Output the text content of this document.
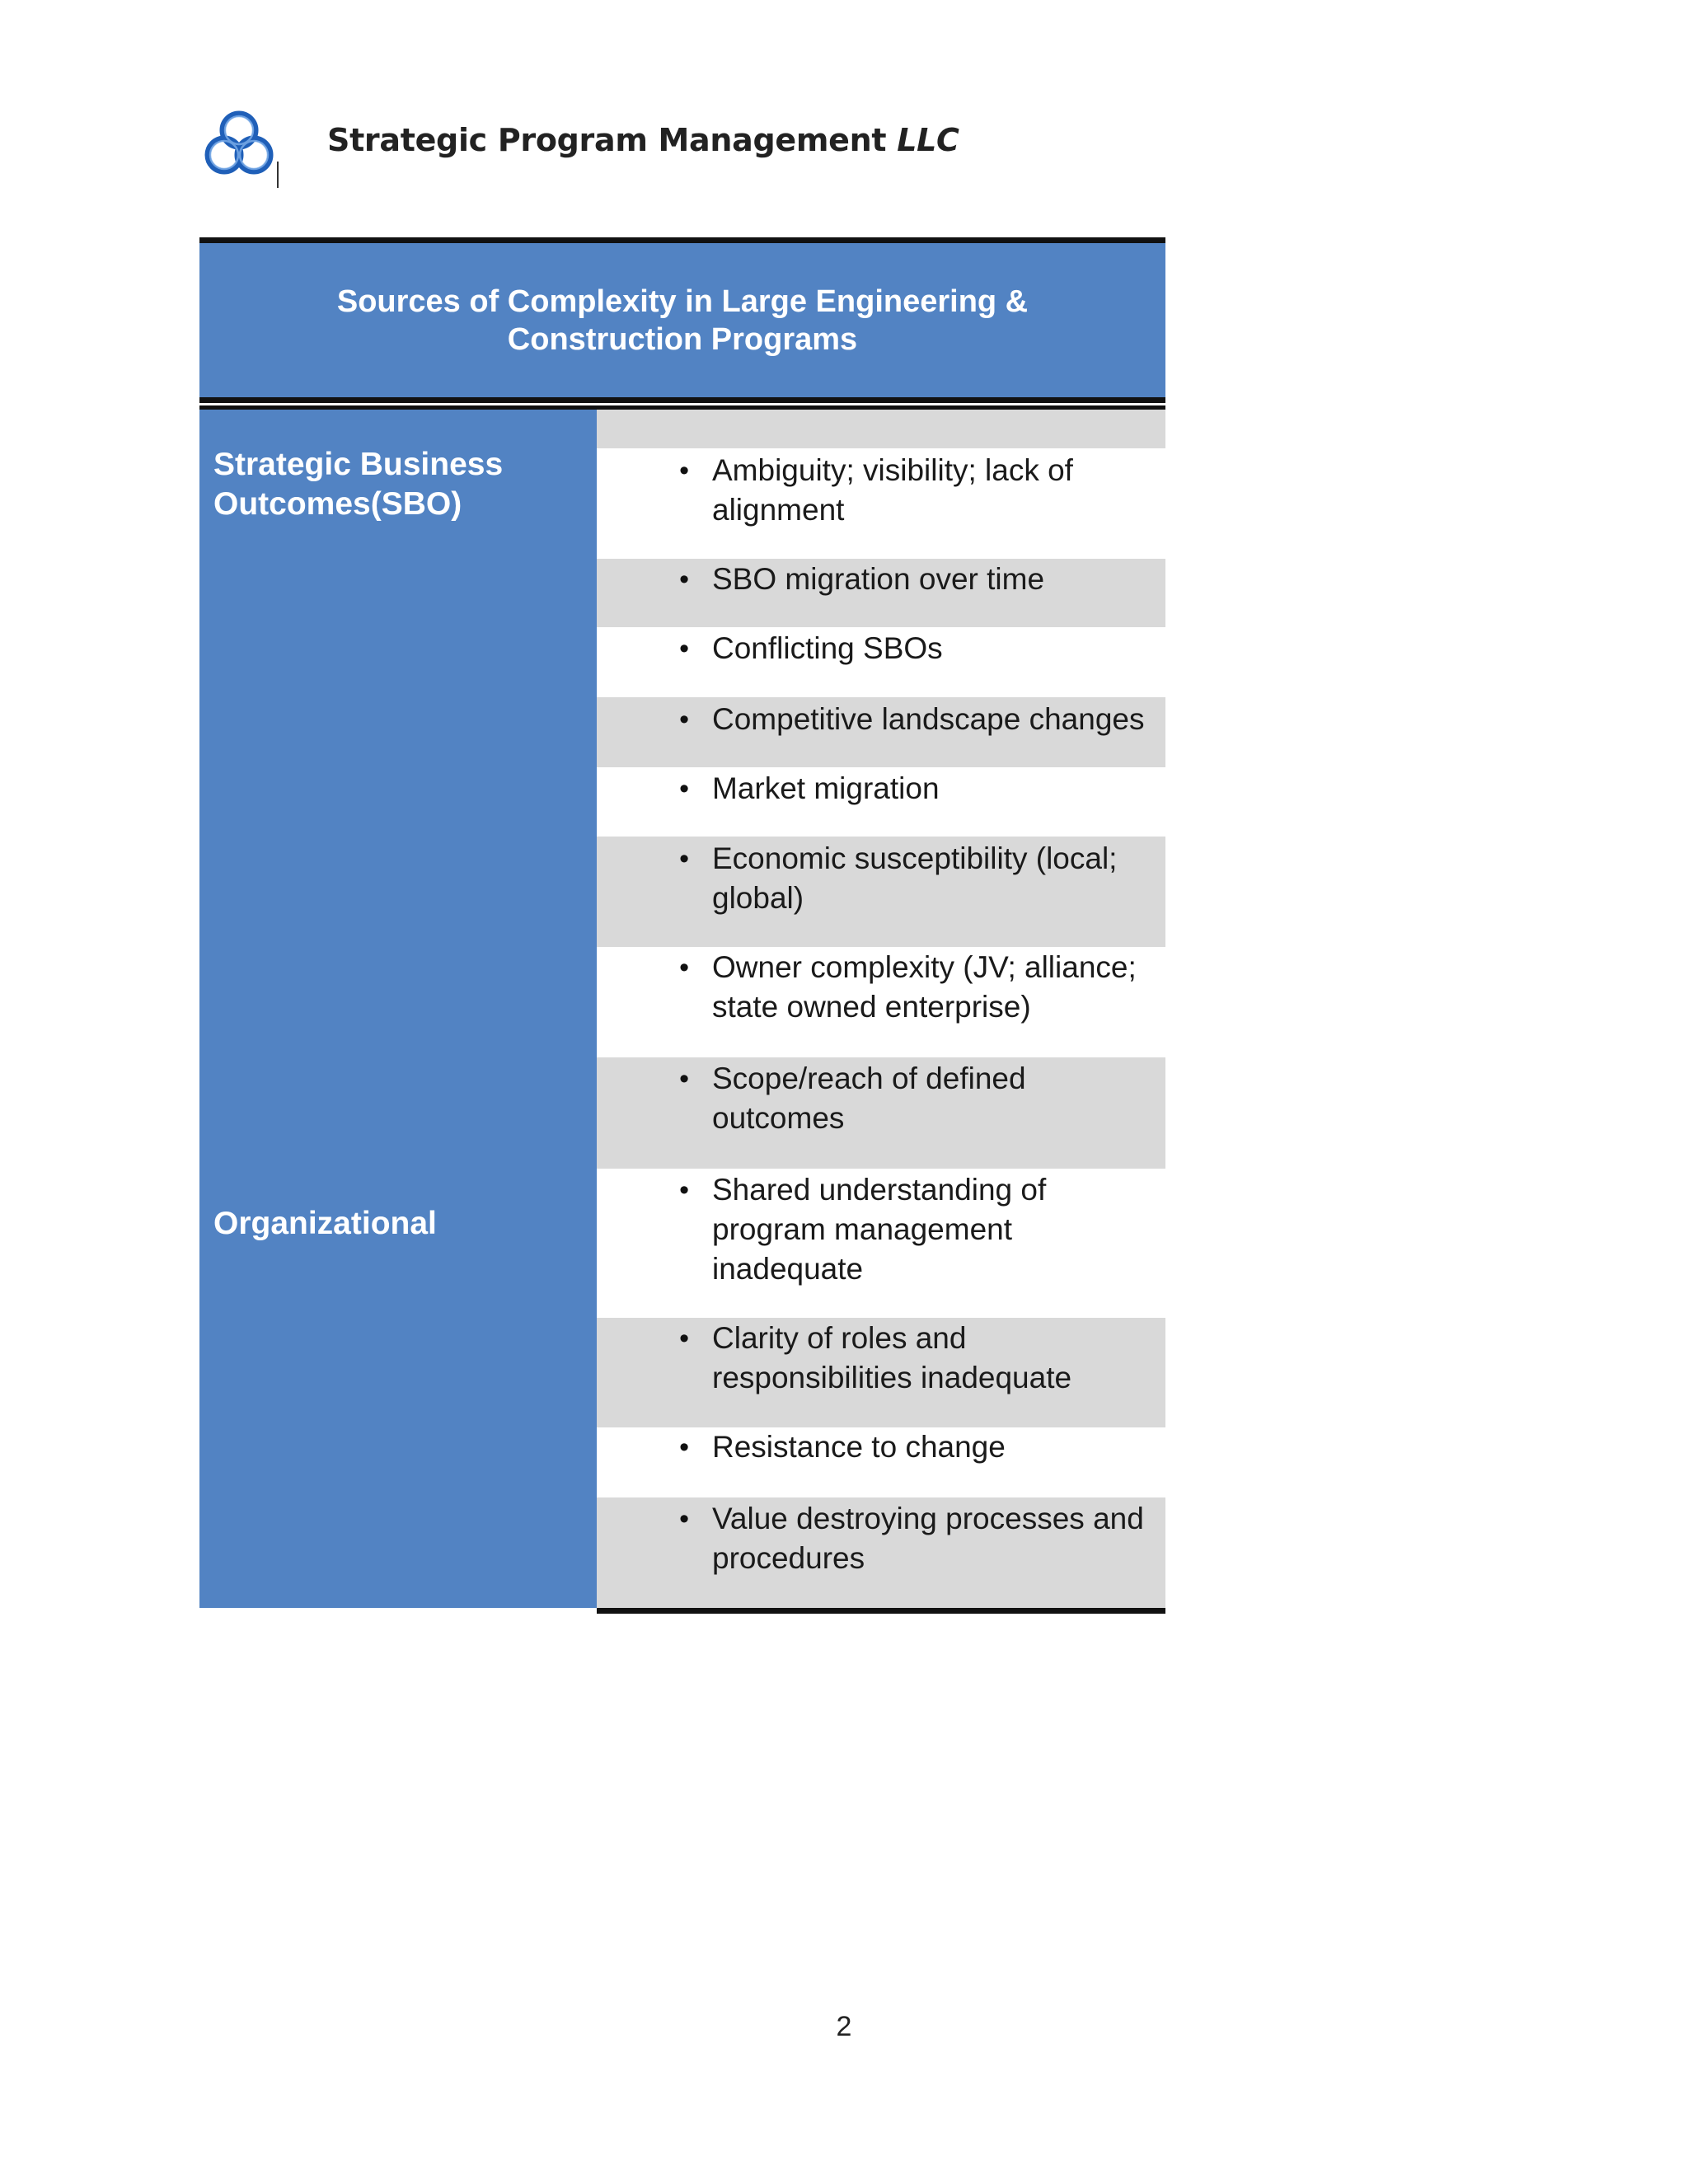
Strategic Program Management LLC
Sources of Complexity in Large Engineering &
Construction Programs

Strategic Business
Outcomes(SBO)

Organizational

• Ambiguity; visibility; lack of alignment
• SBO migration over time
• Conflicting SBOs
• Competitive landscape changes
• Market migration
• Economic susceptibility (local; global)
• Owner complexity (JV; alliance; state owned enterprise)
• Scope/reach of defined outcomes
• Shared understanding of program management inadequate
• Clarity of roles and responsibilities inadequate
• Resistance to change
• Value destroying processes and procedures
2
